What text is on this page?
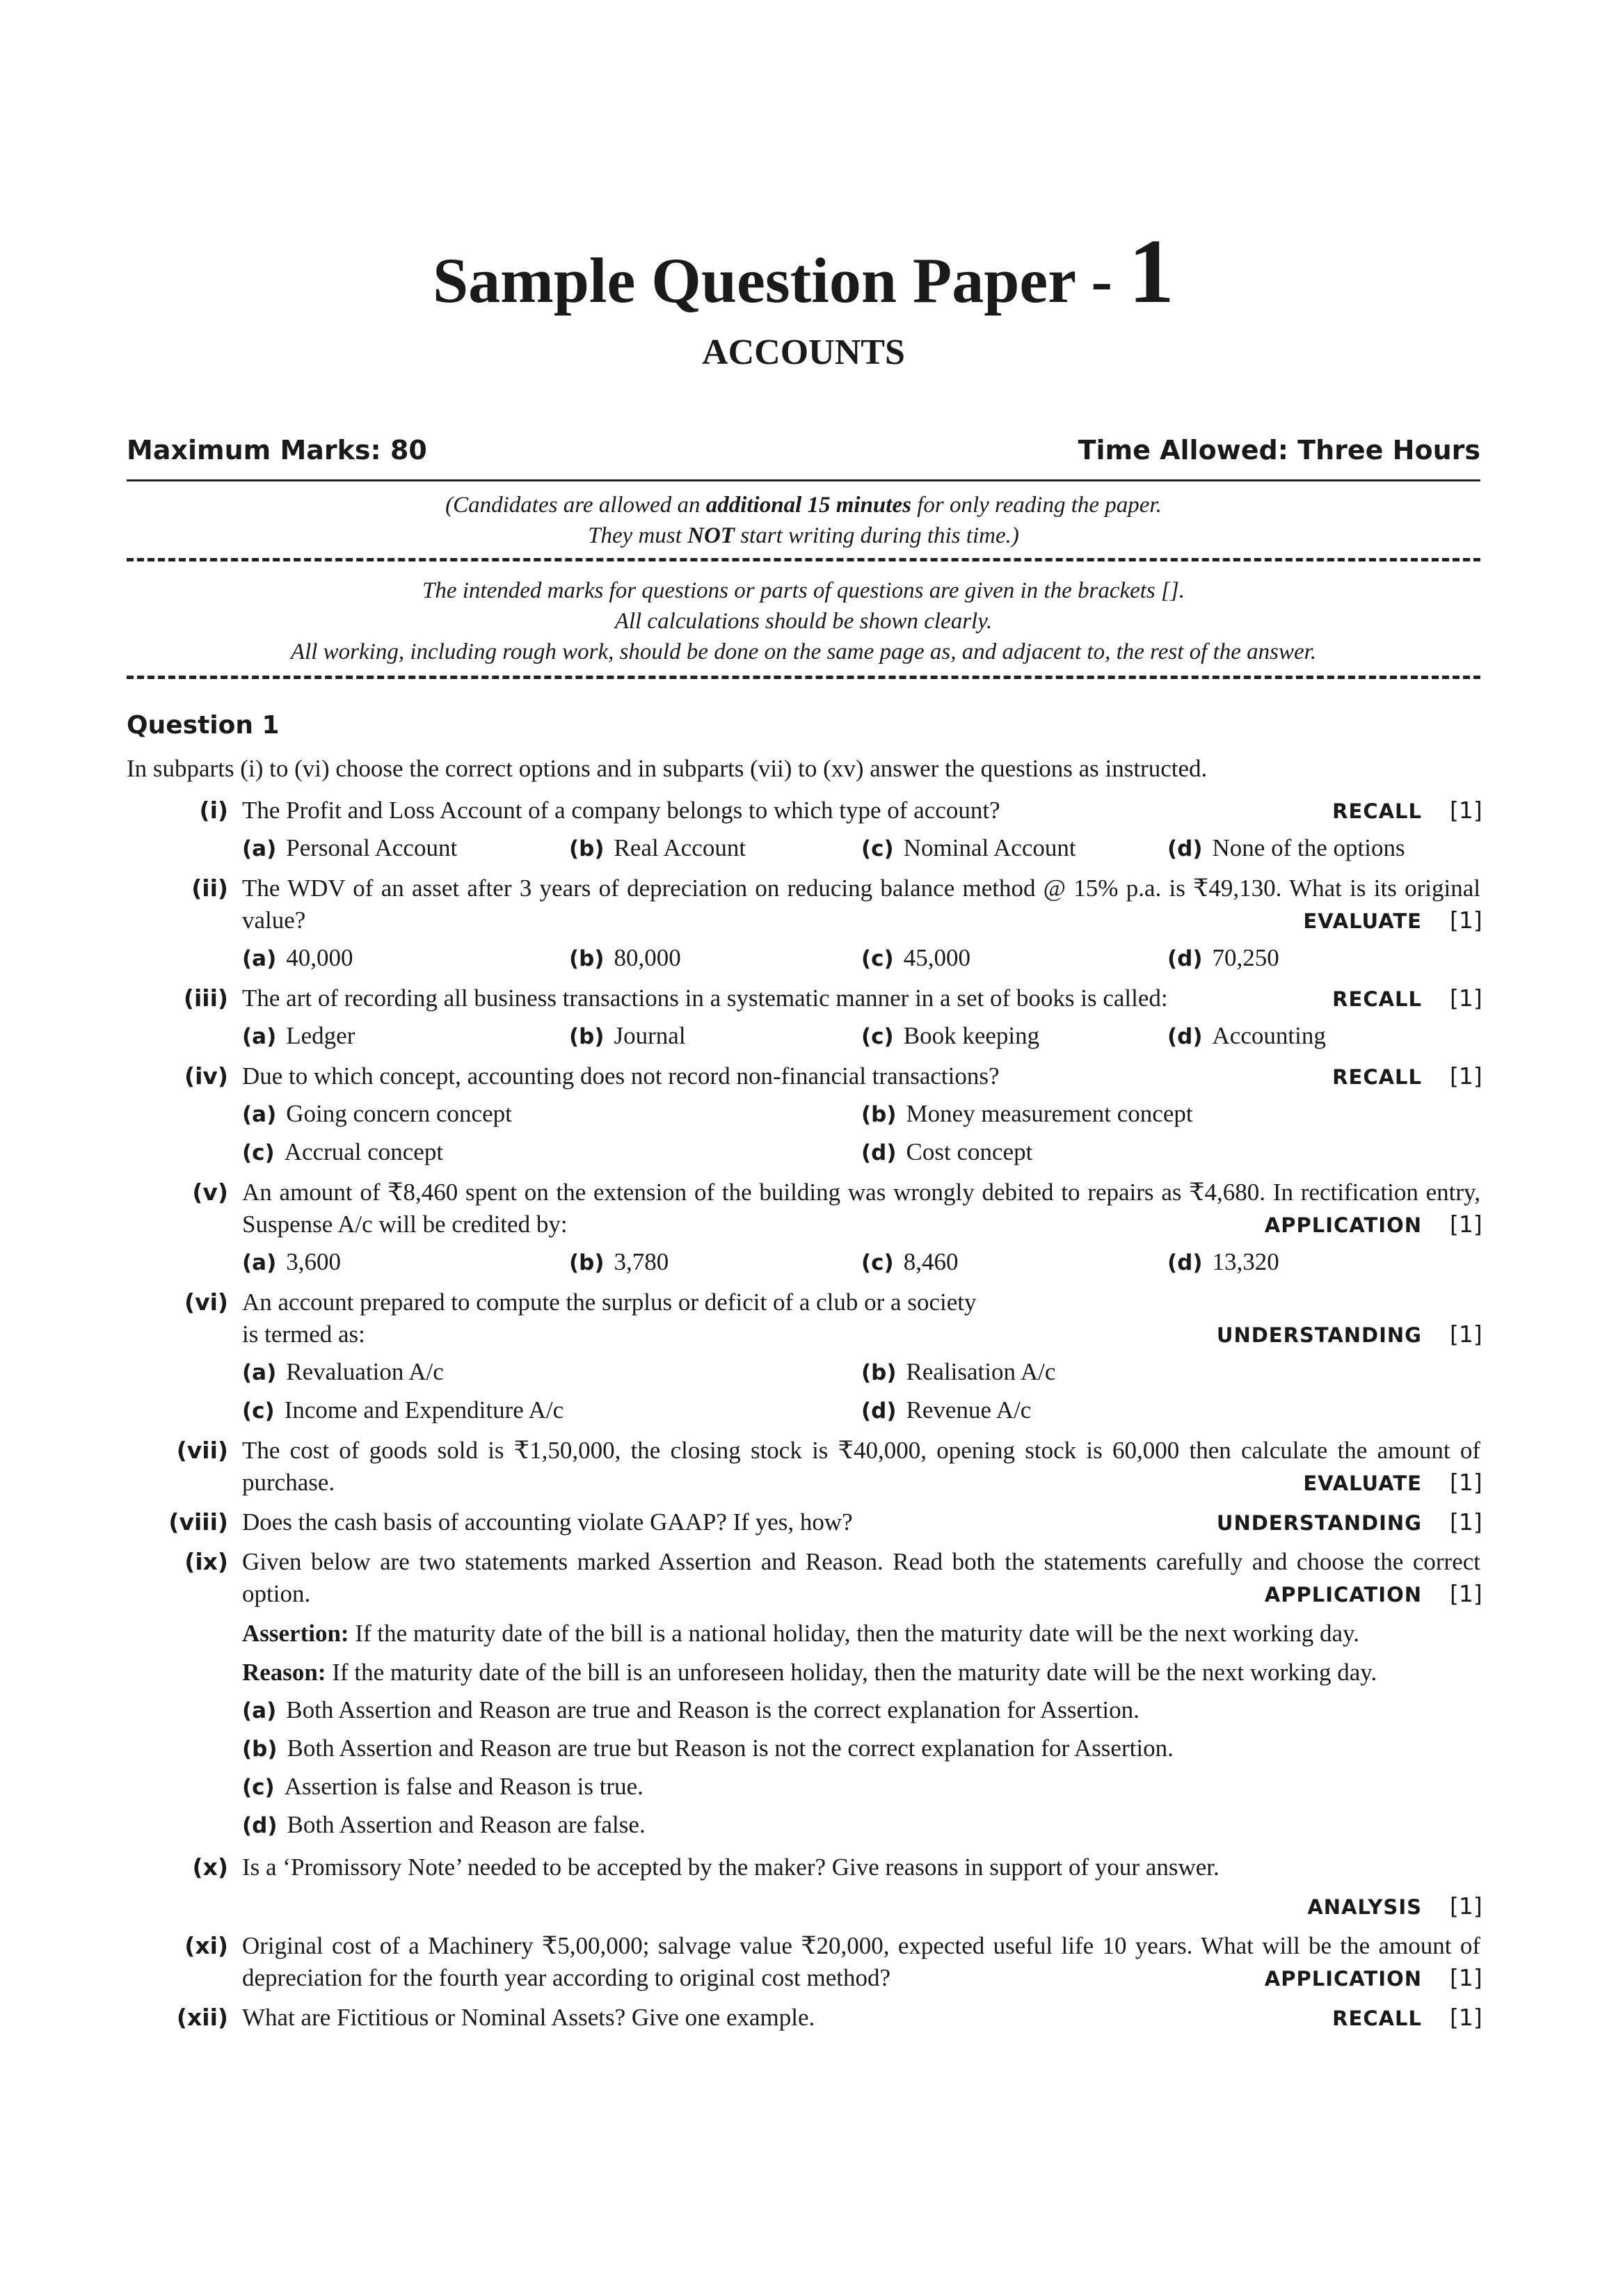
Sample Question Paper - 1
ACCOUNTS
Maximum Marks: 80	Time Allowed: Three Hours
(Candidates are allowed an additional 15 minutes for only reading the paper.
They must NOT start writing during this time.)
The intended marks for questions or parts of questions are given in the brackets [].
All calculations should be shown clearly.
All working, including rough work, should be done on the same page as, and adjacent to, the rest of the answer.
Question 1
In subparts (i) to (vi) choose the correct options and in subparts (vii) to (xv) answer the questions as instructed.
(i) The Profit and Loss Account of a company belongs to which type of account?	RECALL [1]
(a) Personal Account	(b) Real Account	(c) Nominal Account	(d) None of the options
(ii) The WDV of an asset after 3 years of depreciation on reducing balance method @ 15% p.a. is ₹49,130. What is its original value?	EVALUATE [1]
(a) 40,000	(b) 80,000	(c) 45,000	(d) 70,250
(iii) The art of recording all business transactions in a systematic manner in a set of books is called:	RECALL [1]
(a) Ledger	(b) Journal	(c) Book keeping	(d) Accounting
(iv) Due to which concept, accounting does not record non-financial transactions?	RECALL [1]
(a) Going concern concept	(b) Money measurement concept
(c) Accrual concept	(d) Cost concept
(v) An amount of ₹8,460 spent on the extension of the building was wrongly debited to repairs as ₹4,680. In rectification entry, Suspense A/c will be credited by:	APPLICATION [1]
(a) 3,600	(b) 3,780	(c) 8,460	(d) 13,320
(vi) An account prepared to compute the surplus or deficit of a club or a society
is termed as:	UNDERSTANDING [1]
(a) Revaluation A/c	(b) Realisation A/c
(c) Income and Expenditure A/c	(d) Revenue A/c
(vii) The cost of goods sold is ₹1,50,000, the closing stock is ₹40,000, opening stock is 60,000 then calculate the amount of purchase.	EVALUATE [1]
(viii) Does the cash basis of accounting violate GAAP? If yes, how?	UNDERSTANDING [1]
(ix) Given below are two statements marked Assertion and Reason. Read both the statements carefully and choose the correct option.	APPLICATION [1]
Assertion: If the maturity date of the bill is a national holiday, then the maturity date will be the next working day.
Reason: If the maturity date of the bill is an unforeseen holiday, then the maturity date will be the next working day.
(a) Both Assertion and Reason are true and Reason is the correct explanation for Assertion.
(b) Both Assertion and Reason are true but Reason is not the correct explanation for Assertion.
(c) Assertion is false and Reason is true.
(d) Both Assertion and Reason are false.
(x) Is a ‘Promissory Note’ needed to be accepted by the maker? Give reasons in support of your answer.
ANALYSIS [1]
(xi) Original cost of a Machinery ₹5,00,000; salvage value ₹20,000, expected useful life 10 years. What will be the amount of depreciation for the fourth year according to original cost method?	APPLICATION [1]
(xii) What are Fictitious or Nominal Assets? Give one example.	RECALL [1]
